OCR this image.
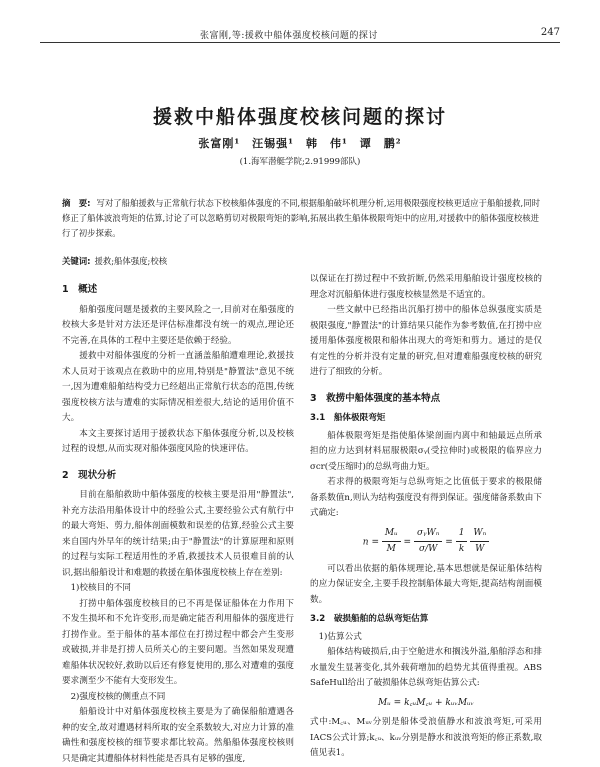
张富刚,等:援救中船体强度校核问题的探讨	247
援救中船体强度校核问题的探讨
张富刚¹　汪锡强¹　韩　伟¹　谭　鹏²
(1.海军潜艇学院;2.91999部队)
摘　要: 写对了船舶援救与正常航行状态下校核船体强度的不同,根据船舶破坏机理分析,运用极限强度校核更适应于船舶援救,同时修正了船体波浪弯矩的估算,讨论了可以忽略剪切对极限弯矩的影响,拓展出救生船体极限弯矩中的应用,对援救中的船体强度校核进行了初步探索。
关键词: 援救;船体强度;校核
1　概述

船舶强度问题是援救的主要风险之一,目前对在船强度的校核大多是针对方法还是评估标准都没有统一的观点,理论还不完善,在具体的工程中主要还是依赖于经验。

援救中对船体强度的分析一直涵盖船舶遭难理论,救援技术人员对于该观点在救助中的应用,特别是"静置法"意见不统一,因为遭难船舶结构受力已经超出正常航行状态的范围,传统强度校核方法与遭难的实际情况相差很大,结论的适用价值不大。

本文主要探讨适用于援救状态下船体强度分析,以及校核过程的设想,从而实现对船体强度风险的快速评估。

2　现状分析

目前在船舶救助中船体强度的校核主要是沿用"静置法",补充方法沿用船体设计中的经验公式,主要经验公式有航行中的最大弯矩、剪力,船体剖面模数和误差的估算,经验公式主要来自国内外早年的统计结果;由于"静置法"的计算原理和原则的过程与实际工程适用性的矛盾,救援技术人员很难目前的认识,据出船船设计和难题的救援在船体强度校核上存在差别:

1)校核目的不同

打捞中船体强度校核目的已不再是保证船体在力作用下不发生损坏和不允许变形,而是确定能否利用船体的强度进行打捞作业。至于船体的基本部位在打捞过程中都会产生变形或破损,并非是打捞人员所关心的主要问题。当然如果发现遭难船体状况较好,救助以后还有修复使用的,那么对遭难的强度要求测至少不能有大变形发生。

2)强度校核的侧重点不同

船船设计中对船体强度校核主要是为了确保船舶遭遇各种的安全,故对遭遇材料所取的安全系数较大,对应力计算的准确性和强度校核的细节要求都比较高。然船船体强度校核则只是确定其遭船体材料性能是否具有足够的强度,

以保证在打捞过程中不致折断,仍然采用船舶设计强度校核的理念对沉船船体进行强度校核显然是不适宜的。

一些文献中已经指出沉船打捞中的船体总纵强度实质是极限强度,"静置法"的计算结果只能作为参考数值,在打捞中应援用船体强度极限和船体出现大的弯矩和剪力。通过的是仅有定性的分析并没有定量的研究,但对遭难船强度校核的研究进行了细致的分析。

3　救捞中船体强度的基本特点
3.1　船体极限弯矩

船体极限弯矩是指使船体梁剖面内离中和轴最远点所承担的应力达到材料屈服极限σᵧ(受拉伸时)或极限的临界应力σcr(受压缩时)的总纵弯曲力矩。

若求得的极限弯矩与总纵弯矩之比值低于要求的极限储备系数值n,则认为结构强度没有得到保证。强度储备系数由下式确定:

$n = \frac{\text{Mᵤ}}{M} = \frac{\text{σᵧWₙ}}{\sigma/W} = \frac{1}{k}$
$\frac{\text{Wₙ}}{W}$

可以看出依据的船体规理论,基本思想就是保证船体结构的应力保证安全,主要手段控制船体最大弯矩,提高结构剖面模数。

3.2　破损船舶的总纵弯矩估算

1)估算公式

船体结构破损后,由于空舱进水和搁浅外溢,船舶浮态和排水量发生显著变化,其外载荷增加的趋势尤其值得重视。ABS SafeHull给出了破损船体总纵弯矩估算公式:

Mᵤ = k꜀ᵤM꜀ᵤ + kᵤᵥMᵤᵥ

式中:M꜀ᵤ、Mᵤᵥ分别是船体受浪值静水和波浪弯矩,可采用IACS公式计算;k꜀ᵤ、kᵤᵥ分别是静水和波浪弯矩的修正系数,取值见表1。
